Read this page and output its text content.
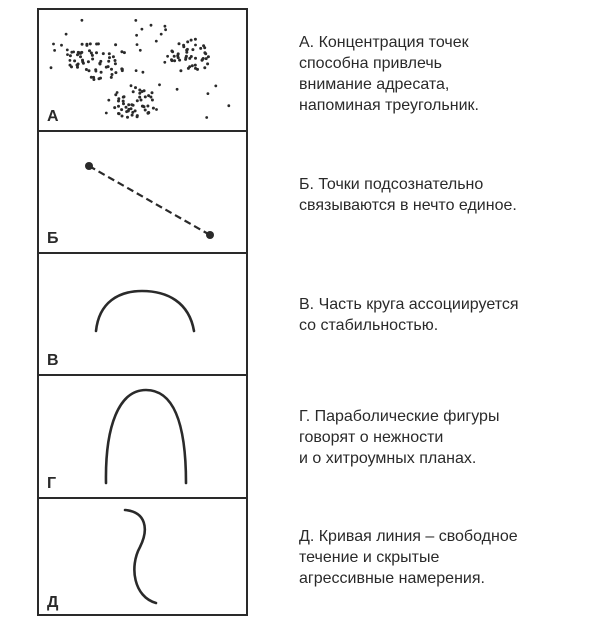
А
Б
В
Г
Д
А. Концентрация точек
способна привлечь
внимание адресата,
напоминая треугольник.
Б. Точки подсознательно
связываются в нечто единое.
В. Часть круга ассоциируется
со стабильностью.
Г. Параболические фигуры
говорят о нежности
и о хитроумных планах.
Д. Кривая линия – свободное
течение и скрытые
агрессивные намерения.
